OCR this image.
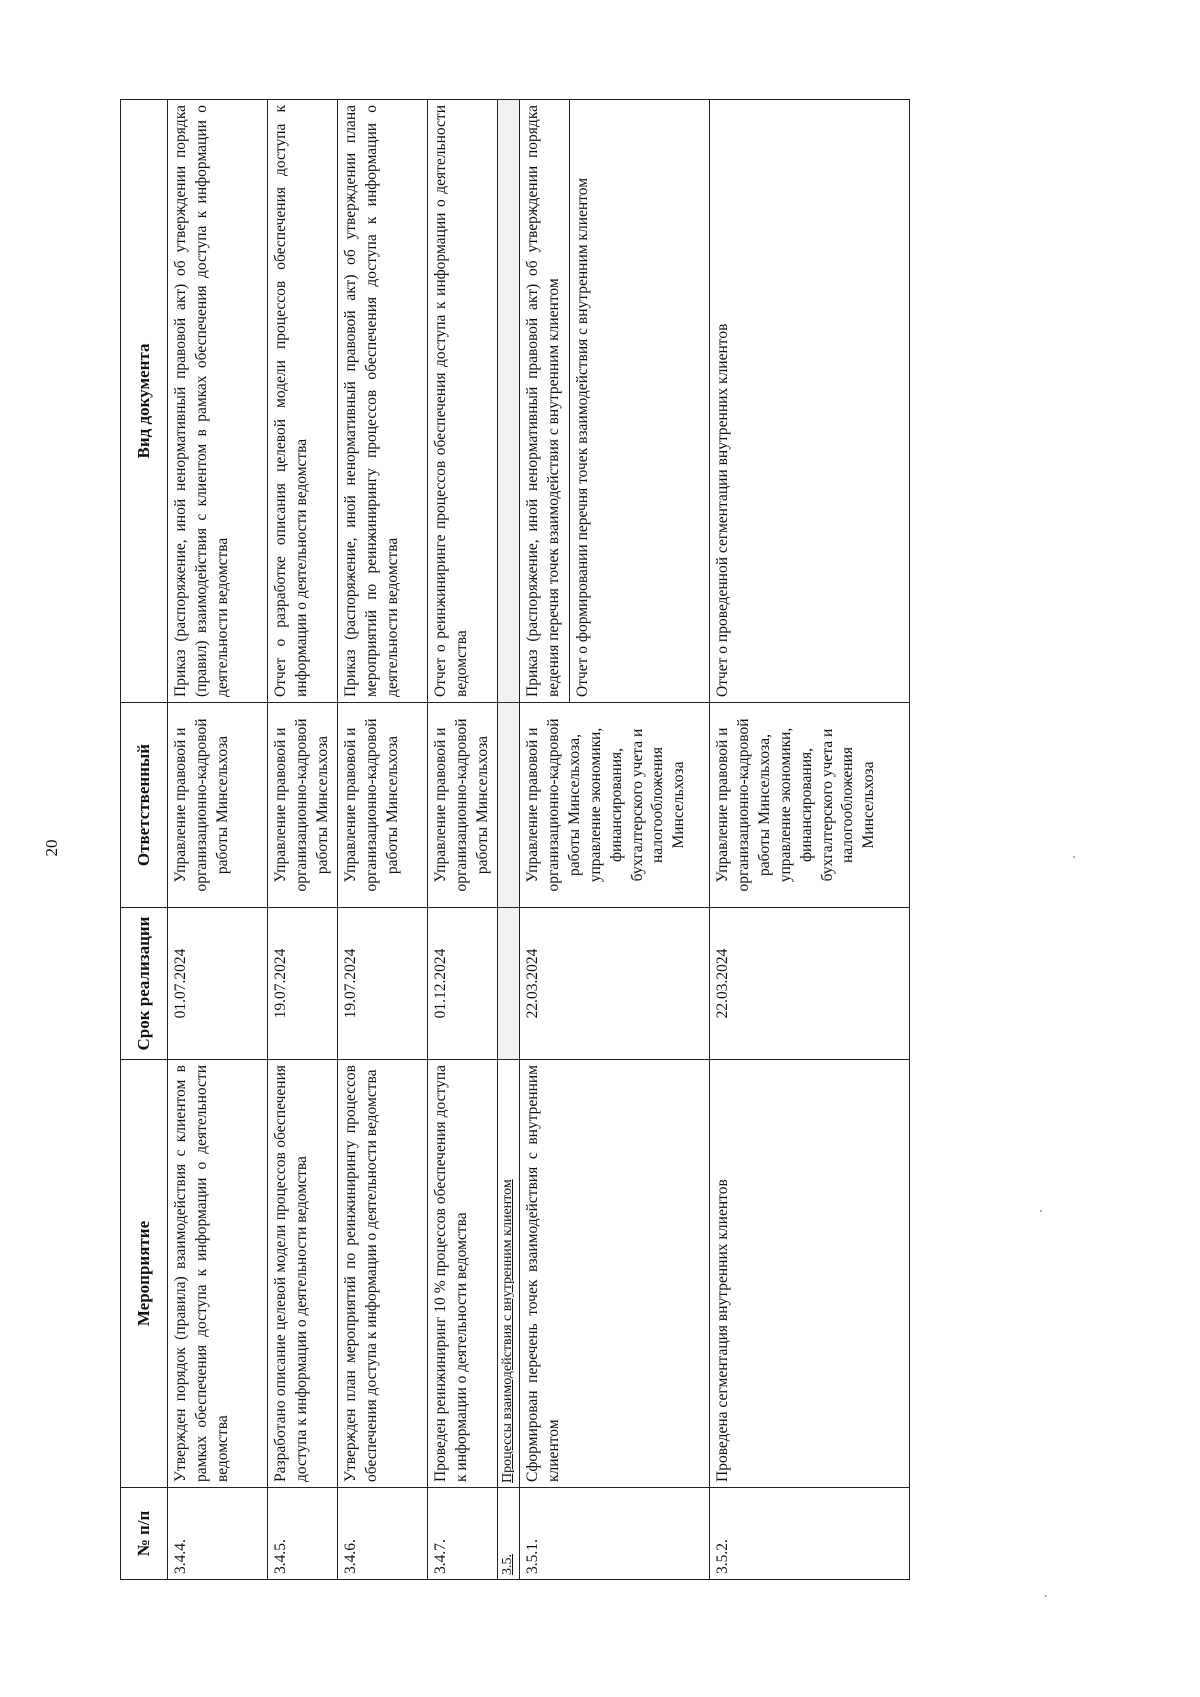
20
№ п/п	Мероприятие	Срок реализации	Ответственный	Вид документа
3.4.4.	Утвержден порядок (правила) взаимодействия с клиентом в рамках обеспечения доступа к информации о деятельности ведомства	01.07.2024	Управление правовой и организационно-кадровой работы Минсельхоза	Приказ (распоряжение, иной ненормативный правовой акт) об утверждении порядка (правил) взаимодействия с клиентом в рамках обеспечения доступа к информации о деятельности ведомства
3.4.5.	Разработано описание целевой модели процессов обеспечения доступа к информации о деятельности ведомства	19.07.2024	Управление правовой и организационно-кадровой работы Минсельхоза	Отчет о разработке описания целевой модели процессов обеспечения доступа к информации о деятельности ведомства
3.4.6.	Утвержден план мероприятий по реинжинирингу процессов обеспечения доступа к информации о деятельности ведомства	19.07.2024	Управление правовой и организационно-кадровой работы Минсельхоза	Приказ (распоряжение, иной ненормативный правовой акт) об утверждении плана мероприятий по реинжинирингу процессов обеспечения доступа к информации о деятельности ведомства
3.4.7.	Проведен реинжиниринг 10 % процессов обеспечения доступа к информации о деятельности ведомства	01.12.2024	Управление правовой и организационно-кадровой работы Минсельхоза	Отчет о реинжиниринге процессов обеспечения доступа к информации о деятельности ведомства
3.5.	Процессы взаимодействия с внутренним клиентом			
3.5.1.	Сформирован перечень точек взаимодействия с внутренним клиентом	22.03.2024	Управление правовой и организационно-кадровой работы Минсельхоза, управление экономики, финансирования, бухгалтерского учета и налогообложения Минсельхоза	Приказ (распоряжение, иной ненормативный правовой акт) об утверждении порядка ведения перечня точек взаимодействия с внутренним клиентом Отчет о формировании перечня точек взаимодействия с внутренним клиентом

3.5.2.	Проведена сегментация внутренних клиентов	22.03.2024	Управление правовой и организационно-кадровой работы Минсельхоза, управление экономики, финансирования, бухгалтерского учета и налогообложения Минсельхоза	Отчет о проведенной сегментации внутренних клиентов
